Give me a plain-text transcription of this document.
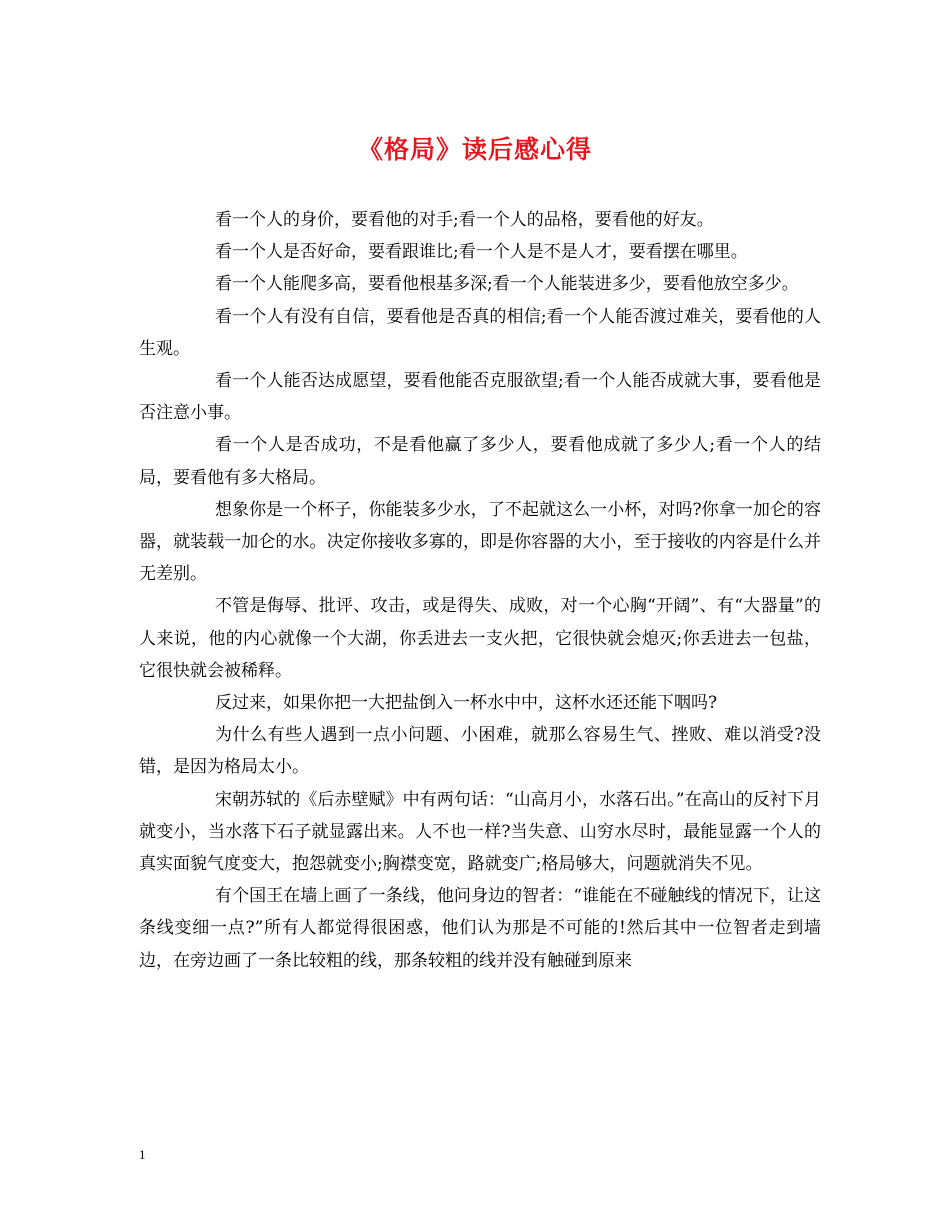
《格局》读后感心得

看一个人的身价，要看他的对手;看一个人的品格，要看他的好友。

看一个人是否好命，要看跟谁比;看一个人是不是人才，要看摆在哪里。

看一个人能爬多高，要看他根基多深;看一个人能装进多少，要看他放空多少。

看一个人有没有自信，要看他是否真的相信;看一个人能否渡过难关，要看他的人生观。

看一个人能否达成愿望，要看他能否克服欲望;看一个人能否成就大事，要看他是否注意小事。

看一个人是否成功，不是看他赢了多少人，要看他成就了多少人;看一个人的结局，要看他有多大格局。

想象你是一个杯子，你能装多少水，了不起就这么一小杯，对吗?你拿一加仑的容器，就装载一加仑的水。决定你接收多寡的，即是你容器的大小，至于接收的内容是什么并无差别。

不管是侮辱、批评、攻击，或是得失、成败，对一个心胸“开阔”、有“大器量”的人来说，他的内心就像一个大湖，你丢进去一支火把，它很快就会熄灭;你丢进去一包盐，它很快就会被稀释。

反过来，如果你把一大把盐倒入一杯水中中，这杯水还还能下咽吗?

为什么有些人遇到一点小问题、小困难，就那么容易生气、挫败、难以消受?没错，是因为格局太小。

宋朝苏轼的《后赤壁赋》中有两句话：“山高月小，水落石出。”在高山的反衬下月就变小，当水落下石子就显露出来。人不也一样?当失意、山穷水尽时，最能显露一个人的真实面貌气度变大，抱怨就变小;胸襟变宽，路就变广;格局够大，问题就消失不见。

有个国王在墙上画了一条线，他问身边的智者：“谁能在不碰触线的情况下，让这条线变细一点?”所有人都觉得很困惑，他们认为那是不可能的!然后其中一位智者走到墙边，在旁边画了一条比较粗的线，那条较粗的线并没有触碰到原来

1
